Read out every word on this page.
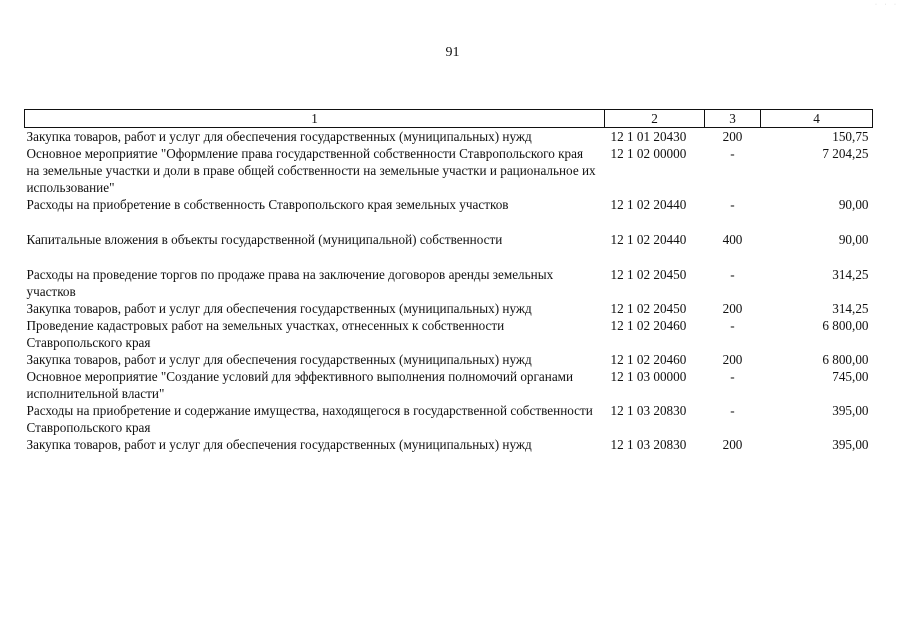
· · ·
91
1	2	3	4
Закупка товаров, работ и услуг для обеспечения государственных (муниципальных) нужд	12 1 01 20430	200	150,75
Основное мероприятие "Оформление права государственной собственности Ставропольского края на земельные участки и доли в праве общей собственности на земельные участки и рациональное их использование"	12 1 02 00000	-	7 204,25
Расходы на приобретение в собственность Ставропольского края земельных участков	12 1 02 20440	-	90,00
Капитальные вложения в объекты государственной (муниципальной) собственности	12 1 02 20440	400	90,00
Расходы на проведение торгов по продаже права на заключение договоров аренды земельных участков	12 1 02 20450	-	314,25
Закупка товаров, работ и услуг для обеспечения государственных (муниципальных) нужд	12 1 02 20450	200	314,25
Проведение кадастровых работ на земельных участках, отнесенных к собственности Ставропольского края	12 1 02 20460	-	6 800,00
Закупка товаров, работ и услуг для обеспечения государственных (муниципальных) нужд	12 1 02 20460	200	6 800,00
Основное мероприятие "Создание условий для эффективного выполнения полномочий органами исполнительной власти"	12 1 03 00000	-	745,00
Расходы на приобретение и содержание имущества, находящегося в государственной собственности Ставропольского края	12 1 03 20830	-	395,00
Закупка товаров, работ и услуг для обеспечения государственных (муниципальных) нужд	12 1 03 20830	200	395,00
